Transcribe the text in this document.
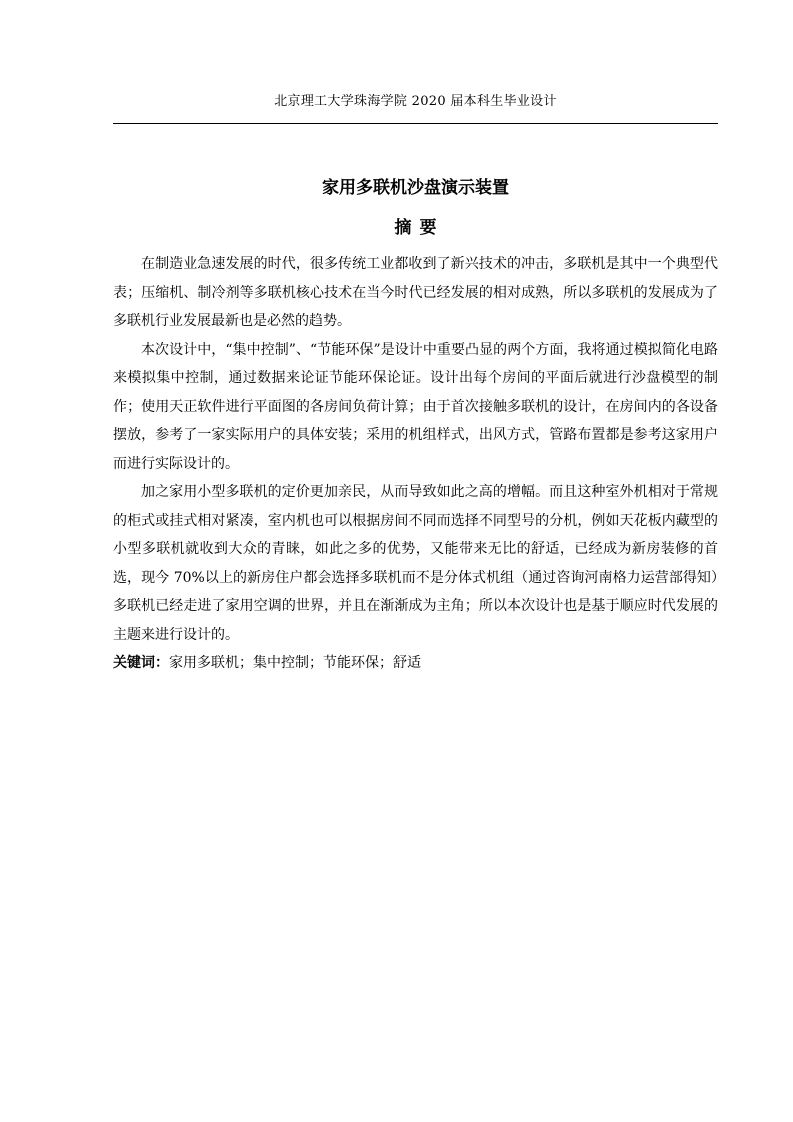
北京理工大学珠海学院 2020 届本科生毕业设计
家用多联机沙盘演示装置
摘要

在制造业急速发展的时代，很多传统工业都收到了新兴技术的冲击，多联机是其中一个典型代表；压缩机、制冷剂等多联机核心技术在当今时代已经发展的相对成熟，所以多联机的发展成为了多联机行业发展最新也是必然的趋势。

本次设计中，“集中控制”、“节能环保”是设计中重要凸显的两个方面，我将通过模拟简化电路来模拟集中控制，通过数据来论证节能环保论证。设计出每个房间的平面后就进行沙盘模型的制作；使用天正软件进行平面图的各房间负荷计算；由于首次接触多联机的设计，在房间内的各设备摆放，参考了一家实际用户的具体安装；采用的机组样式，出风方式，管路布置都是参考这家用户而进行实际设计的。

加之家用小型多联机的定价更加亲民，从而导致如此之高的增幅。而且这种室外机相对于常规的柜式或挂式相对紧凑，室内机也可以根据房间不同而选择不同型号的分机，例如天花板内藏型的小型多联机就收到大众的青睐，如此之多的优势，又能带来无比的舒适，已经成为新房装修的首选，现今 70%以上的新房住户都会选择多联机而不是分体式机组（通过咨询河南格力运营部得知）多联机已经走进了家用空调的世界，并且在渐渐成为主角；所以本次设计也是基于顺应时代发展的主题来进行设计的。

关键词：家用多联机；集中控制；节能环保；舒适
